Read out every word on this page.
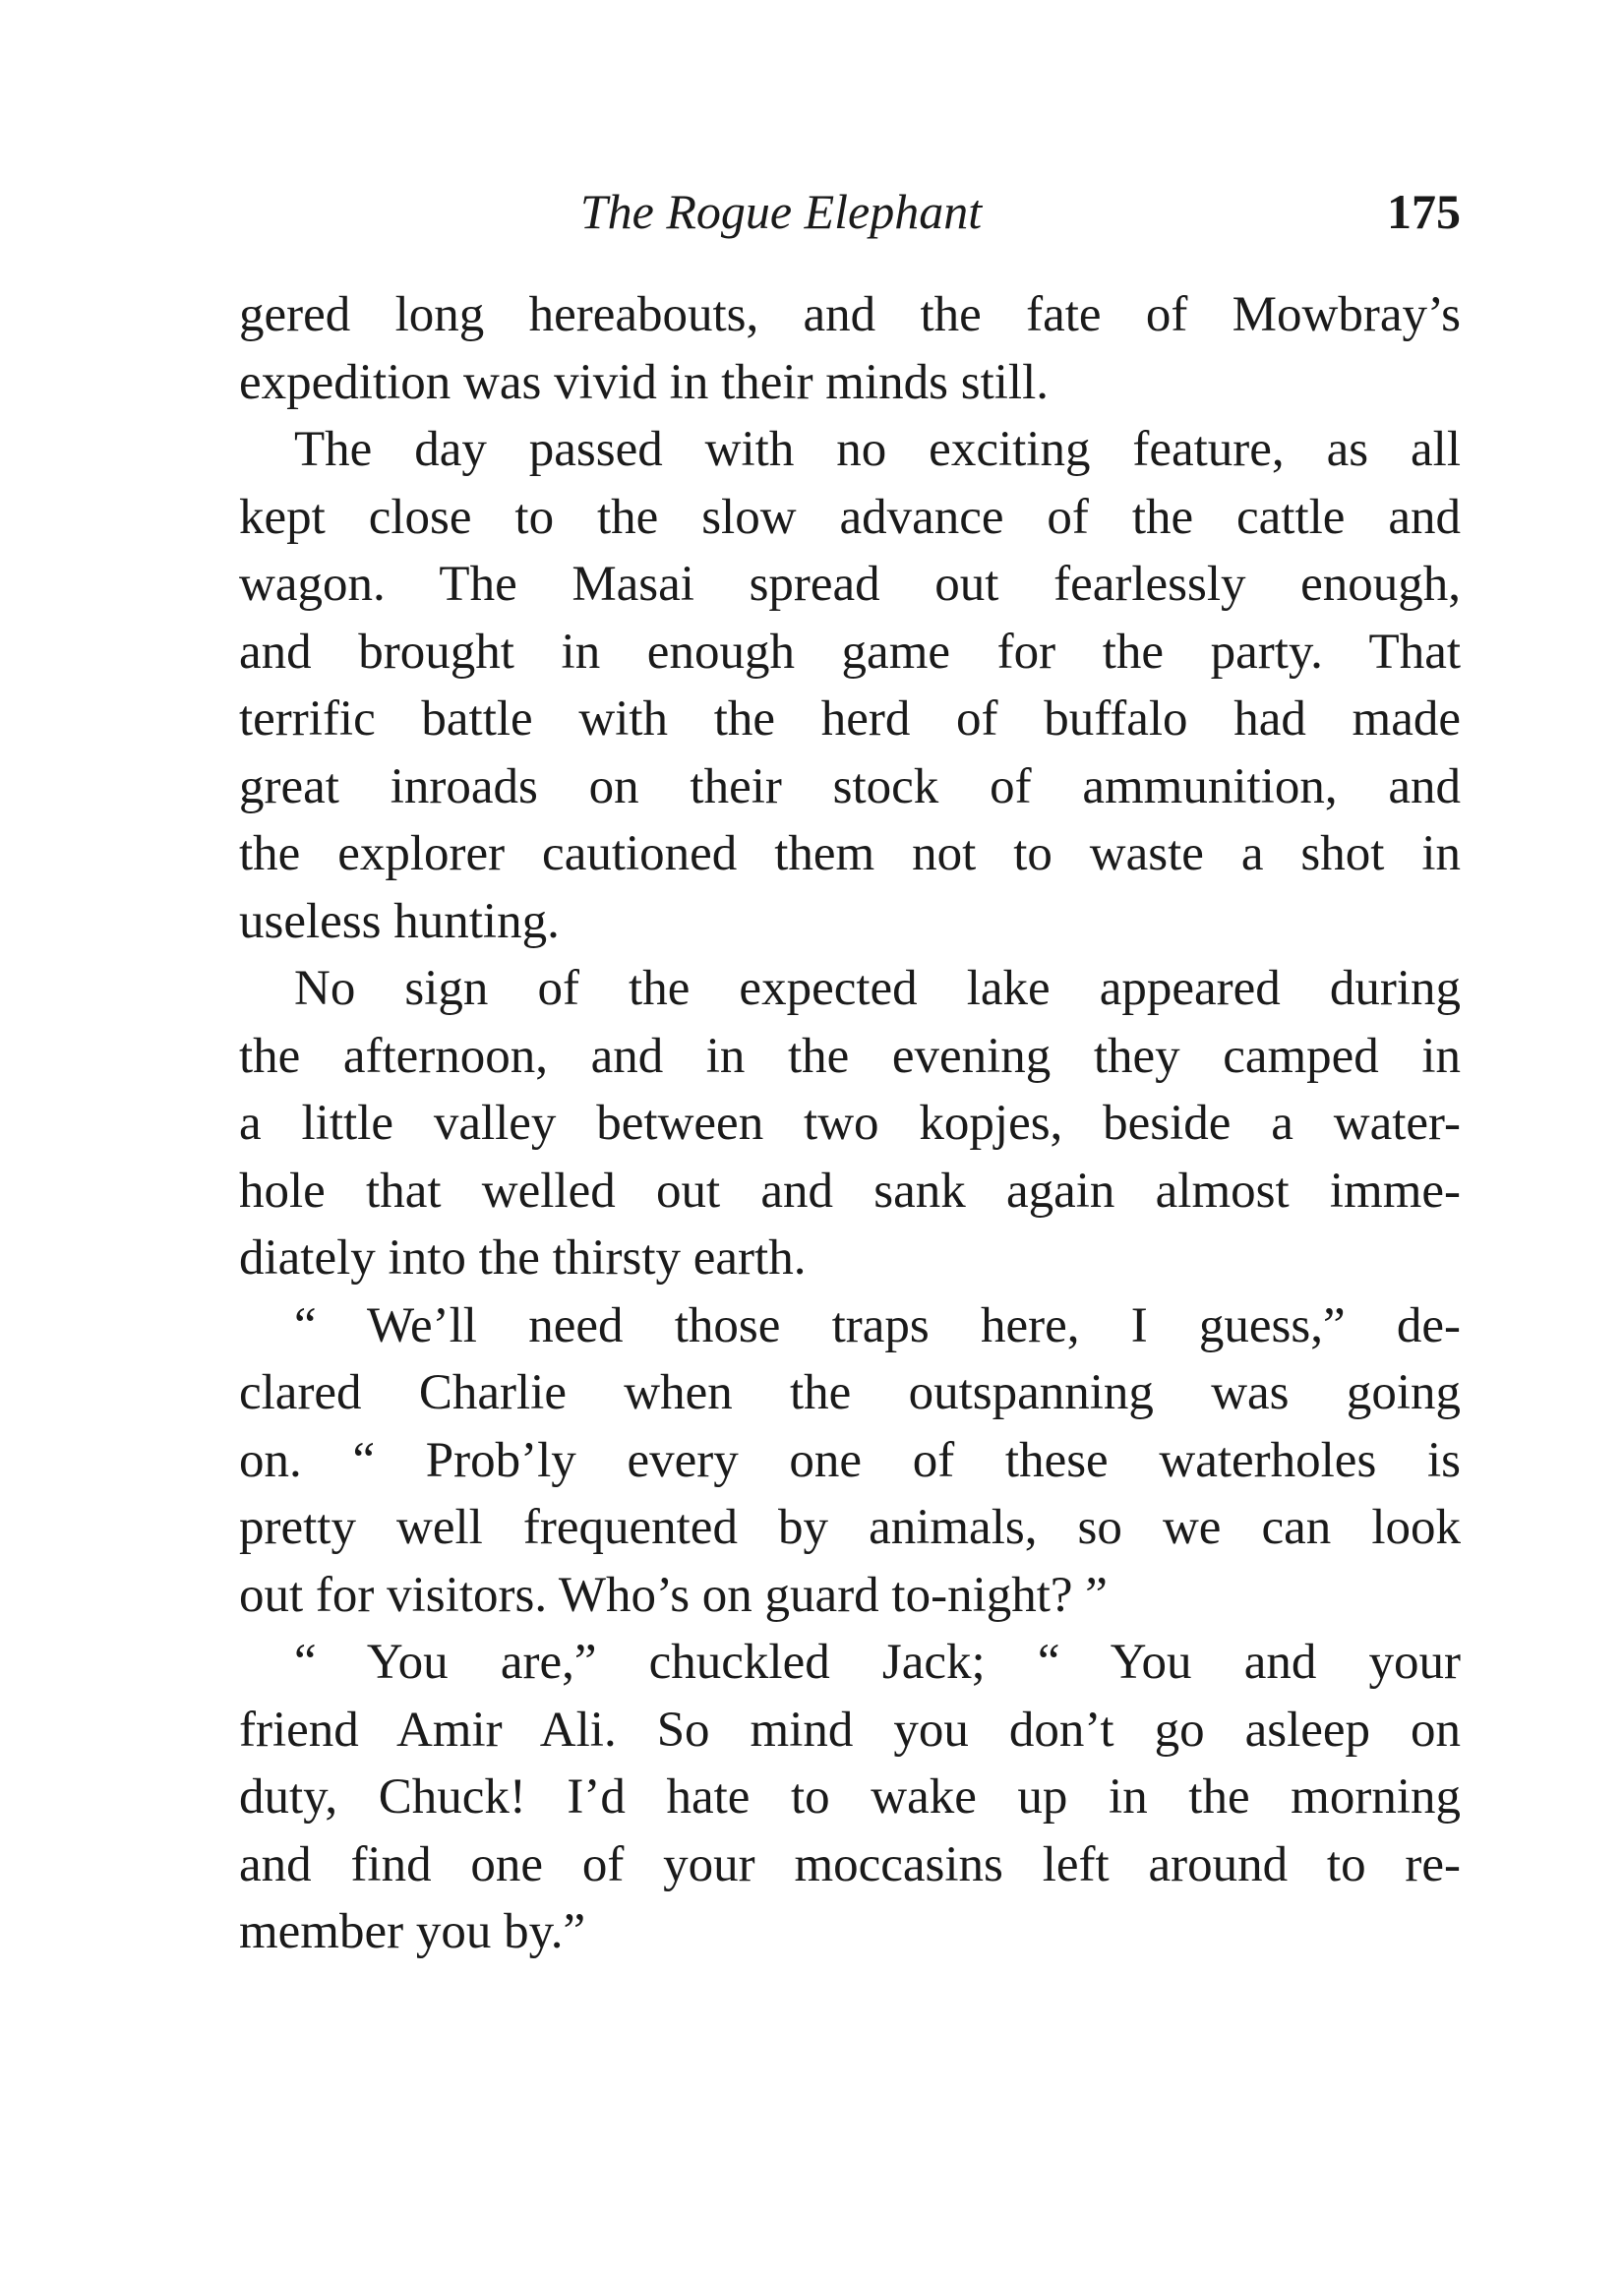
The Rogue Elephant	175
gered long hereabouts, and the fate of Mowbray’s
expedition was vivid in their minds still.
The day passed with no exciting feature, as all
kept close to the slow advance of the cattle and
wagon. The Masai spread out fearlessly enough,
and brought in enough game for the party. That
terrific battle with the herd of buffalo had made
great inroads on their stock of ammunition, and
the explorer cautioned them not to waste a shot in
useless hunting.
No sign of the expected lake appeared during
the afternoon, and in the evening they camped in
a little valley between two kopjes, beside a water-
hole that welled out and sank again almost imme-
diately into the thirsty earth.
“ We’ll need those traps here, I guess,” de-
clared Charlie when the outspanning was going
on. “ Prob’ly every one of these waterholes is
pretty well frequented by animals, so we can look
out for visitors. Who’s on guard to-night? ”
“ You are,” chuckled Jack; “ You and your
friend Amir Ali. So mind you don’t go asleep on
duty, Chuck! I’d hate to wake up in the morning
and find one of your moccasins left around to re-
member you by.”
